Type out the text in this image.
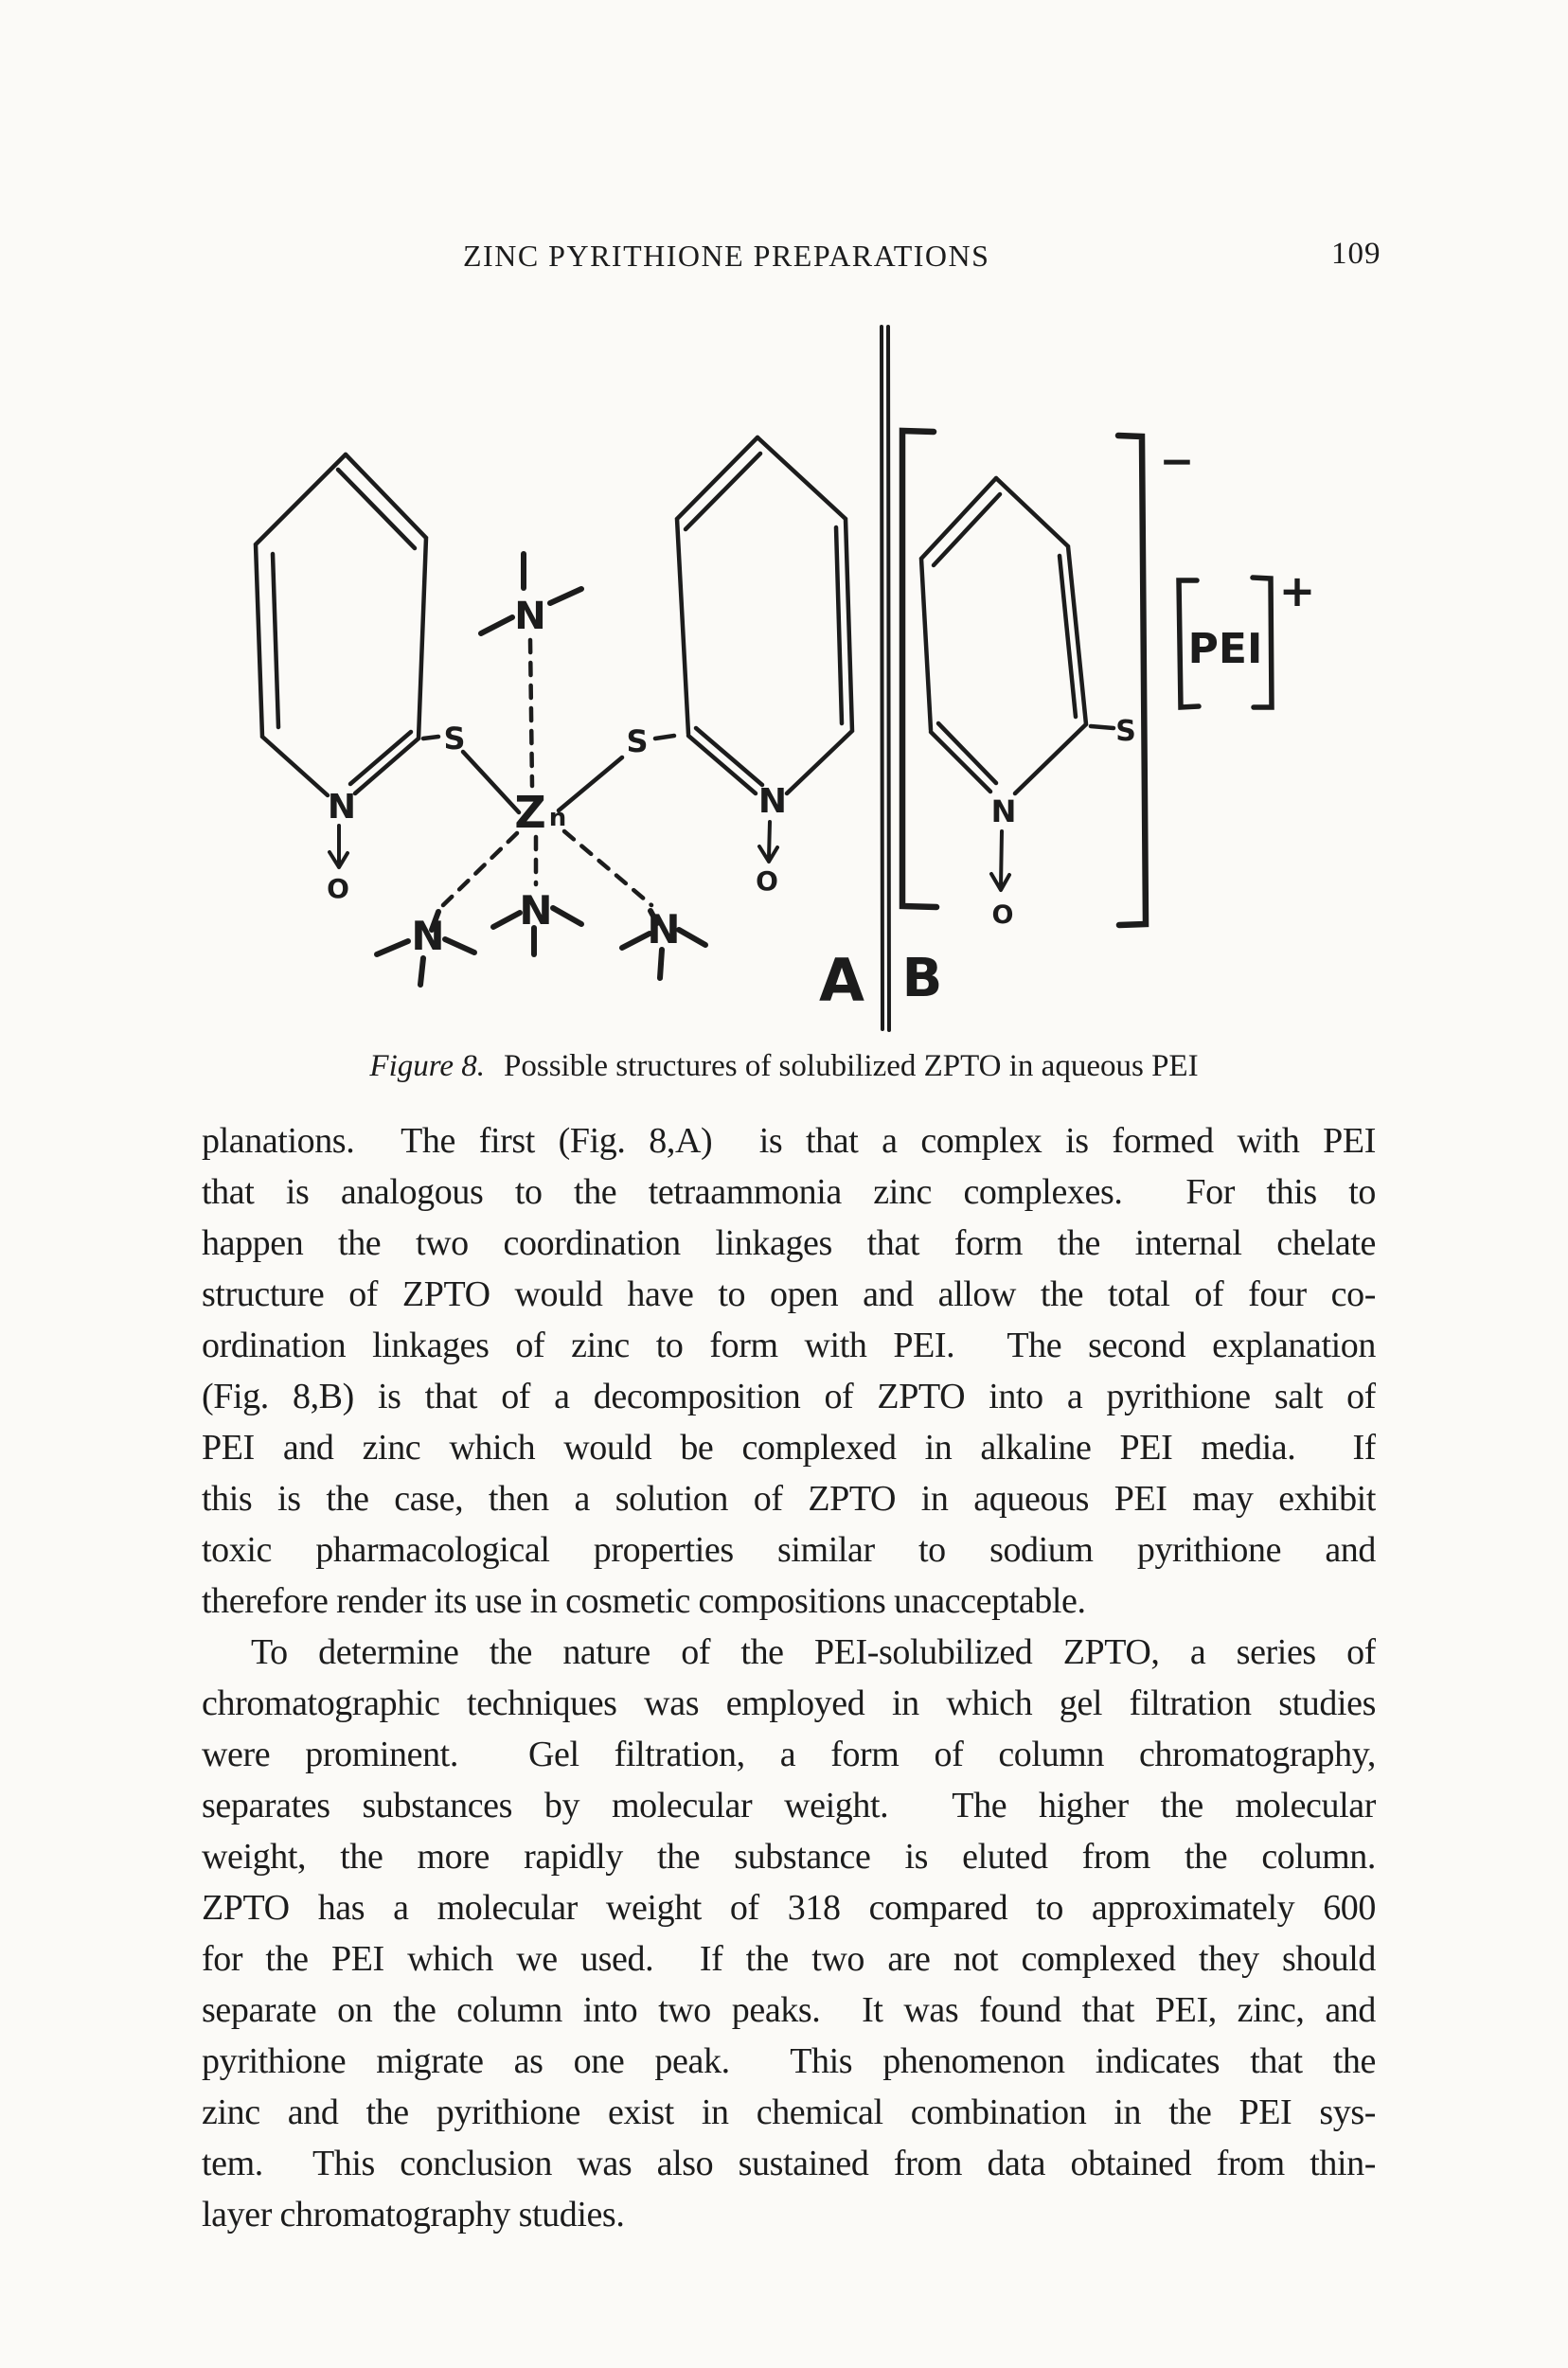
ZINC PYRITHIONE PREPARATIONS	109
N
O
S
N
O
S
Z n
N
N
N N
A
−
N
O
S
PEI
+
B
Figure 8. Possible structures of solubilized ZPTO in aqueous PEI
planations.  The first (Fig. 8,A)  is that a complex is formed with PEI
that is analogous to the tetraammonia zinc complexes.  For this to
happen the two coordination linkages that form the internal chelate
structure of ZPTO would have to open and allow the total of four co-
ordination linkages of zinc to form with PEI.  The second explanation
(Fig. 8,B) is that of a decomposition of ZPTO into a pyrithione salt of
PEI and zinc which would be complexed in alkaline PEI media.  If
this is the case, then a solution of ZPTO in aqueous PEI may exhibit
toxic pharmacological properties similar to sodium pyrithione and
therefore render its use in cosmetic compositions unacceptable.
To determine the nature of the PEI-solubilized ZPTO, a series of
chromatographic techniques was employed in which gel filtration studies
were prominent.  Gel filtration, a form of column chromatography,
separates substances by molecular weight.  The higher the molecular
weight, the more rapidly the substance is eluted from the column.
ZPTO has a molecular weight of 318 compared to approximately 600
for the PEI which we used.  If the two are not complexed they should
separate on the column into two peaks.  It was found that PEI, zinc, and
pyrithione migrate as one peak.  This phenomenon indicates that the
zinc and the pyrithione exist in chemical combination in the PEI sys-
tem.  This conclusion was also sustained from data obtained from thin-
layer chromatography studies.
